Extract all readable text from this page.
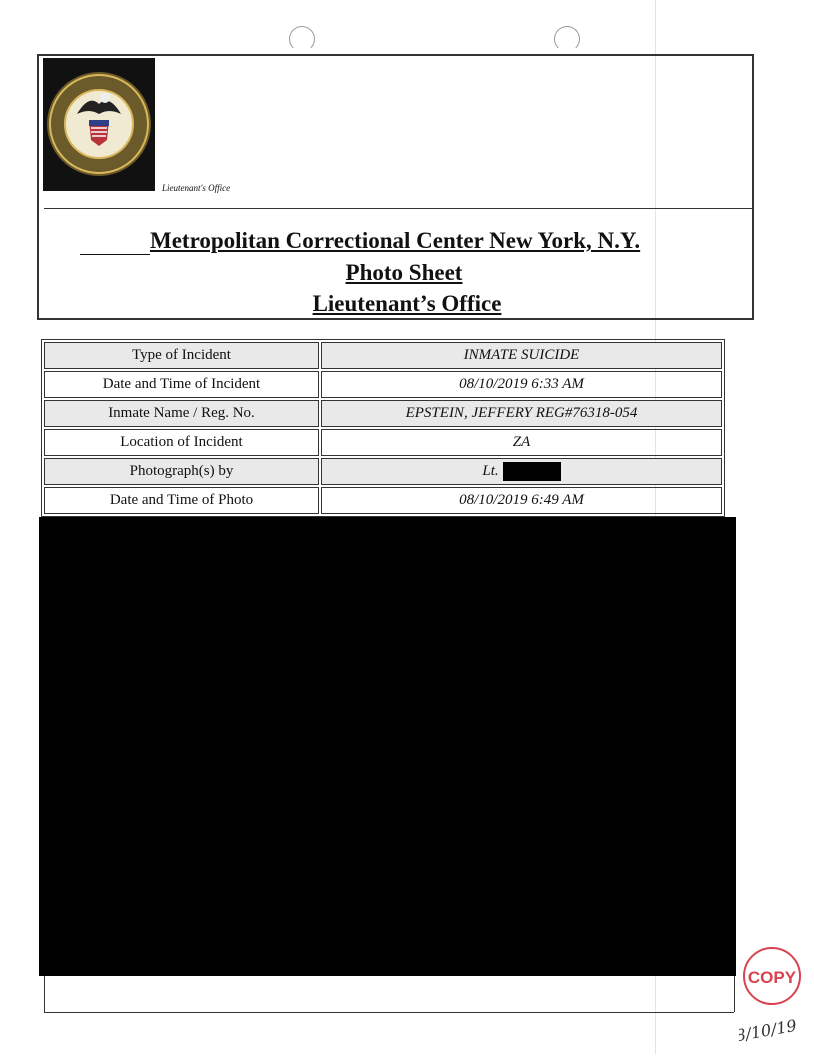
Lieutenant's Office
Metropolitan Correctional Center New York, N.Y.
Photo Sheet
Lieutenant’s Office
Type of Incident	INMATE SUICIDE
Date and Time of Incident	08/10/2019 6:33 AM
Inmate Name / Reg. No.	EPSTEIN, JEFFERY REG#76318-054
Location of Incident	ZA
Photograph(s) by	Lt.
Date and Time of Photo	08/10/2019 6:49 AM
COPY
8/10/19
